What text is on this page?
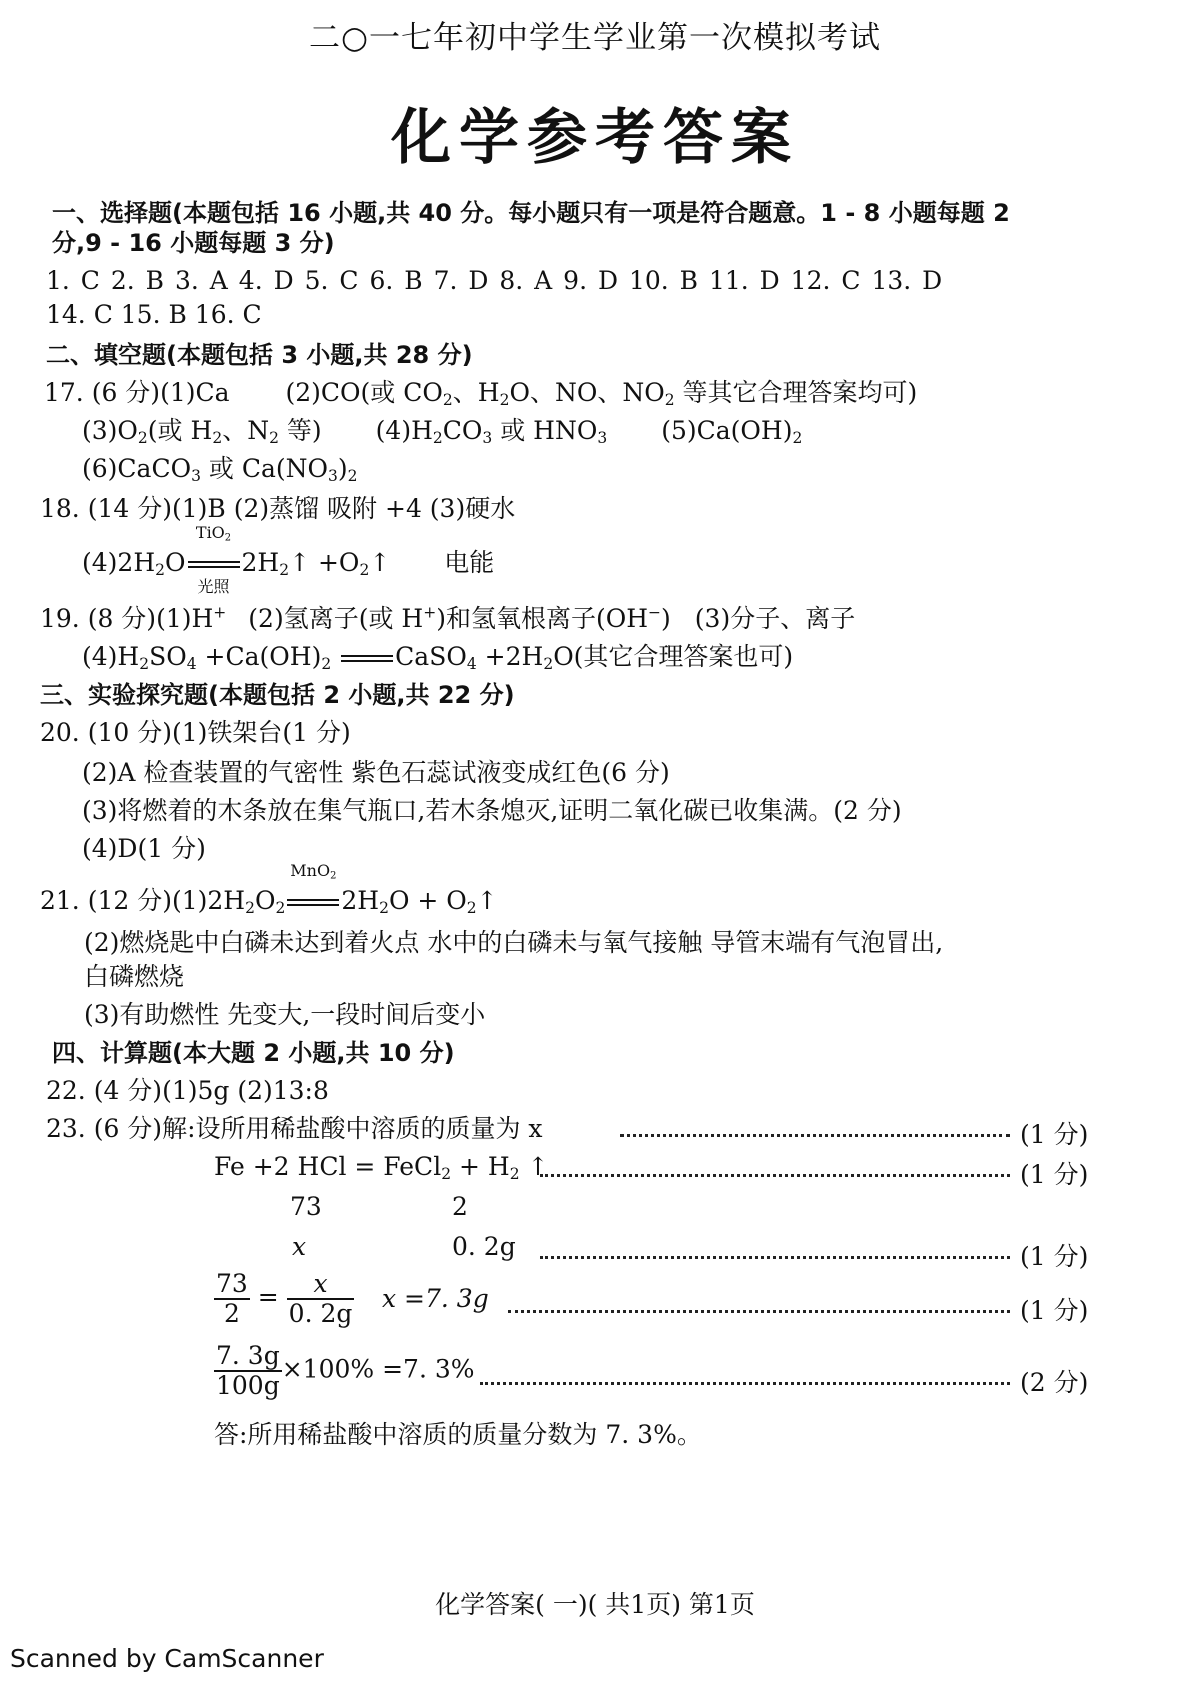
二○一七年初中学生学业第一次模拟考试
化学参考答案
一、选择题(本题包括 16 小题,共 40 分。每小题只有一项是符合题意。1 - 8 小题每题 2
分,9 - 16 小题每题 3 分)
1. C 2. B 3. A 4. D 5. C 6. B 7. D 8. A 9. D 10. B 11. D 12. C 13. D
14. C 15. B 16. C
二、填空题(本题包括 3 小题,共 28 分)
17. (6 分)(1)Ca (2)CO(或 $CO_2$、$H_2O$、NO、$NO_2$ 等其它合理答案均可)
$(3)O_2$(或 $H_2$、$N_2$ 等) $(4)H_2CO_3$ 或 $HNO_3$ $(5)Ca(OH)_2$
(6)CaCO$_3$ 或 $Ca(NO_3)_2$
18. (14 分)(1)B (2)蒸馏 吸附 +4 (3)硬水
$(4)2H_2O$
TiO$_2$
光照
$2H_2↑$ $+O_2↑$ 电能
19. (8 分)(1)H+ (2)氢离子(或 H+)和氢氧根离子(OH−) (3)分子、离子
$(4)H_2SO_4 +Ca(OH)_2$	CaSO$_4$ $+2H_2O$(其它合理答案也可)
三、实验探究题(本题包括 2 小题,共 22 分)
20. (10 分)(1)铁架台(1 分)
(2)A 检查装置的气密性 紫色石蕊试液变成红色(6 分)
(3)将燃着的木条放在集气瓶口,若木条熄灭,证明二氧化碳已收集满。(2 分)
(4)D(1 分)
21. (12 分)$(1)2H_2O_2$
MnO$_2$
$2H_2O$ + $O_2↑$
(2)燃烧匙中白磷未达到着火点 水中的白磷未与氧气接触 导管末端有气泡冒出,
白磷燃烧
(3)有助燃性 先变大,一段时间后变小
四、计算题(本大题 2 小题,共 10 分)
22. (4 分)(1)5g (2)13:8
23. (6 分)解:设所用稀盐酸中溶质的质量为 x	(1 分)
Fe +2 HCl = FeCl$_2$ + $H_2$ ↑	(1 分)
73	2
x	0. 2g	(1 分)
$\frac{73}{2} = \frac{x}{0. 2g}$ x =7. 3g	(1 分)
$\frac{7. 3g}{100g} \times 100\% =7$. 3%	(2 分)
答:所用稀盐酸中溶质的质量分数为 7. 3%。
化学答案( 一)( 共1页) 第1页
Scanned by CamScanner
